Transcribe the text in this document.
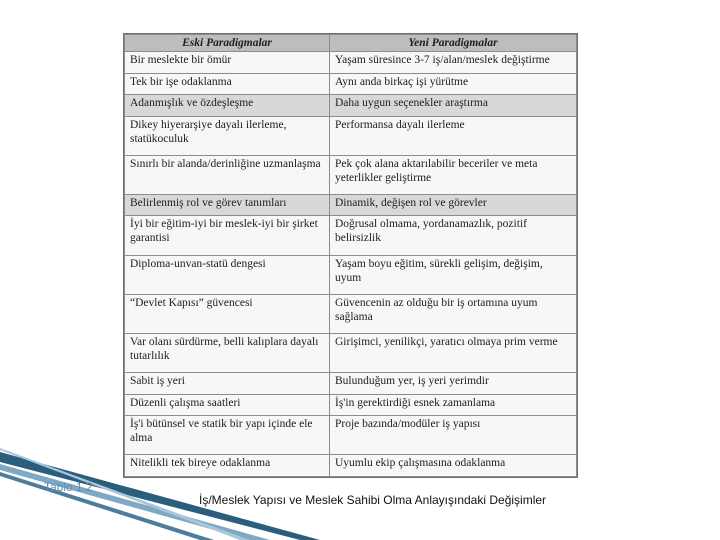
Eski Paradigmalar	Yeni Paradigmalar
Bir meslekte bir ömür	Yaşam süresince 3-7 iş/alan/meslek değiştirme
Tek bir işe odaklanma	Aynı anda birkaç işi yürütme
Adanmışlık ve özdeşleşme	Daha uygun seçenekler araştırma
Dikey hiyerarşiye dayalı ilerleme, statükoculuk	Performansa dayalı ilerleme
Sınırlı bir alanda/derinliğine uzmanlaşma	Pek çok alana aktarılabilir beceriler ve meta yeterlikler geliştirme
Belirlenmiş rol ve görev tanımları	Dinamik, değişen rol ve görevler
İyi bir eğitim-iyi bir meslek-iyi bir şirket garantisi	Doğrusal olmama, yordanamazlık, pozitif belirsizlik
Diploma-unvan-statü dengesi	Yaşam boyu eğitim, sürekli gelişim, değişim, uyum
“Devlet Kapısı” güvencesi	Güvencenin az olduğu bir iş ortamına uyum sağlama
Var olanı sürdürme, belli kalıplara dayalı tutarlılık	Girişimci, yenilikçi, yaratıcı olmaya prim verme
Sabit iş yeri	Bulunduğum yer, iş yeri yerimdir
Düzenli çalışma saatleri	İş'in gerektirdiği esnek zamanlama
İş'i bütünsel ve statik bir yapı içinde ele alma	Proje bazında/modüler iş yapısı
Nitelikli tek bireye odaklanma	Uyumlu ekip çalışmasına odaklanma
Tablo 1.2
İş/Meslek Yapısı ve Meslek Sahibi Olma Anlayışındaki Değişimler
